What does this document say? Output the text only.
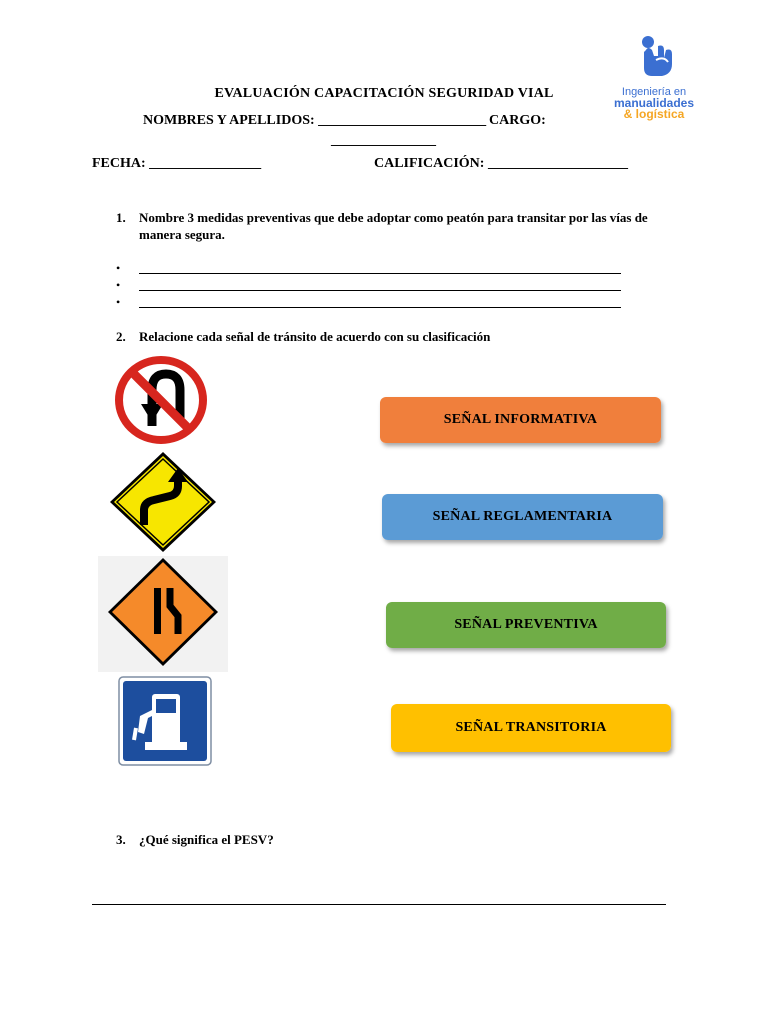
Ingeniería en
manualidades
& logística
EVALUACIÓN CAPACITACIÓN SEGURIDAD VIAL
NOMBRES Y APELLIDOS: ________________________ CARGO:
_______________
FECHA: ________________	CALIFICACIÓN: ____________________
1. Nombre 3 medidas preventivas que debe adoptar como peatón para transitar por las vías de manera segura.
•
•
•
2. Relacione cada señal de tránsito de acuerdo con su clasificación
SEÑAL INFORMATIVA
SEÑAL REGLAMENTARIA
SEÑAL PREVENTIVA
SEÑAL TRANSITORIA
3. ¿Qué significa el PESV?
